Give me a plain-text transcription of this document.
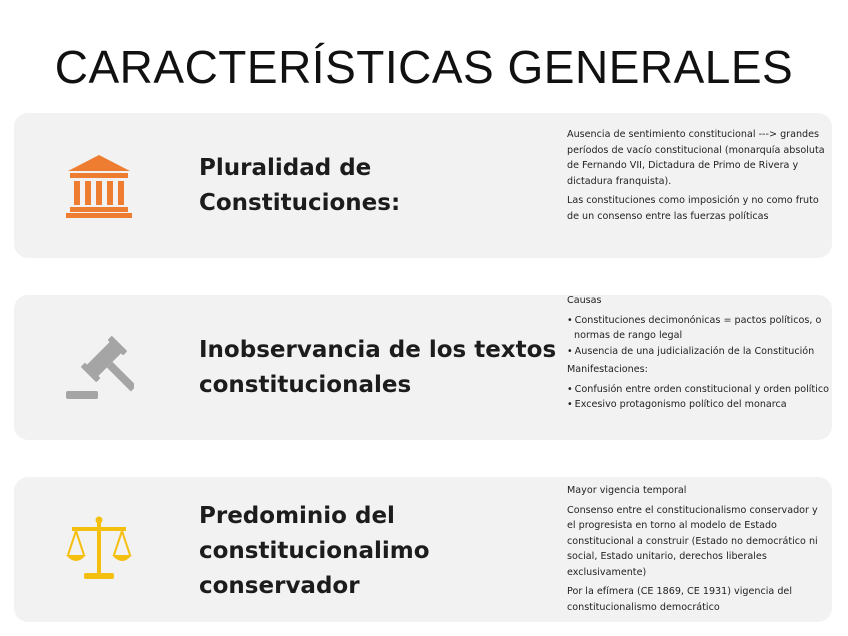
CARACTERÍSTICAS GENERALES
Pluralidad de
Constituciones:

Ausencia de sentimiento constitucional ---> grandes períodos de vacío constitucional (monarquía absoluta de Fernando VII, Dictadura de Primo de Rivera y dictadura franquista).

Las constituciones como imposición y no como fruto de un consenso entre las fuerzas políticas

Inobservancia de los textos
constitucionales

Causas

• Constituciones decimonónicas = pactos políticos, o normas de rango legal
• Ausencia de una judicialización de la Constitución

Manifestaciones:

• Confusión entre orden constitucional y orden político
• Excesivo protagonismo político del monarca
Predominio del
constitucionalimo
conservador

Mayor vigencia temporal

Consenso entre el constitucionalismo conservador y el progresista en torno al modelo de Estado constitucional a construir (Estado no democrático ni social, Estado unitario, derechos liberales exclusivamente)

Por la efímera (CE 1869, CE 1931) vigencia del constitucionalismo democrático
